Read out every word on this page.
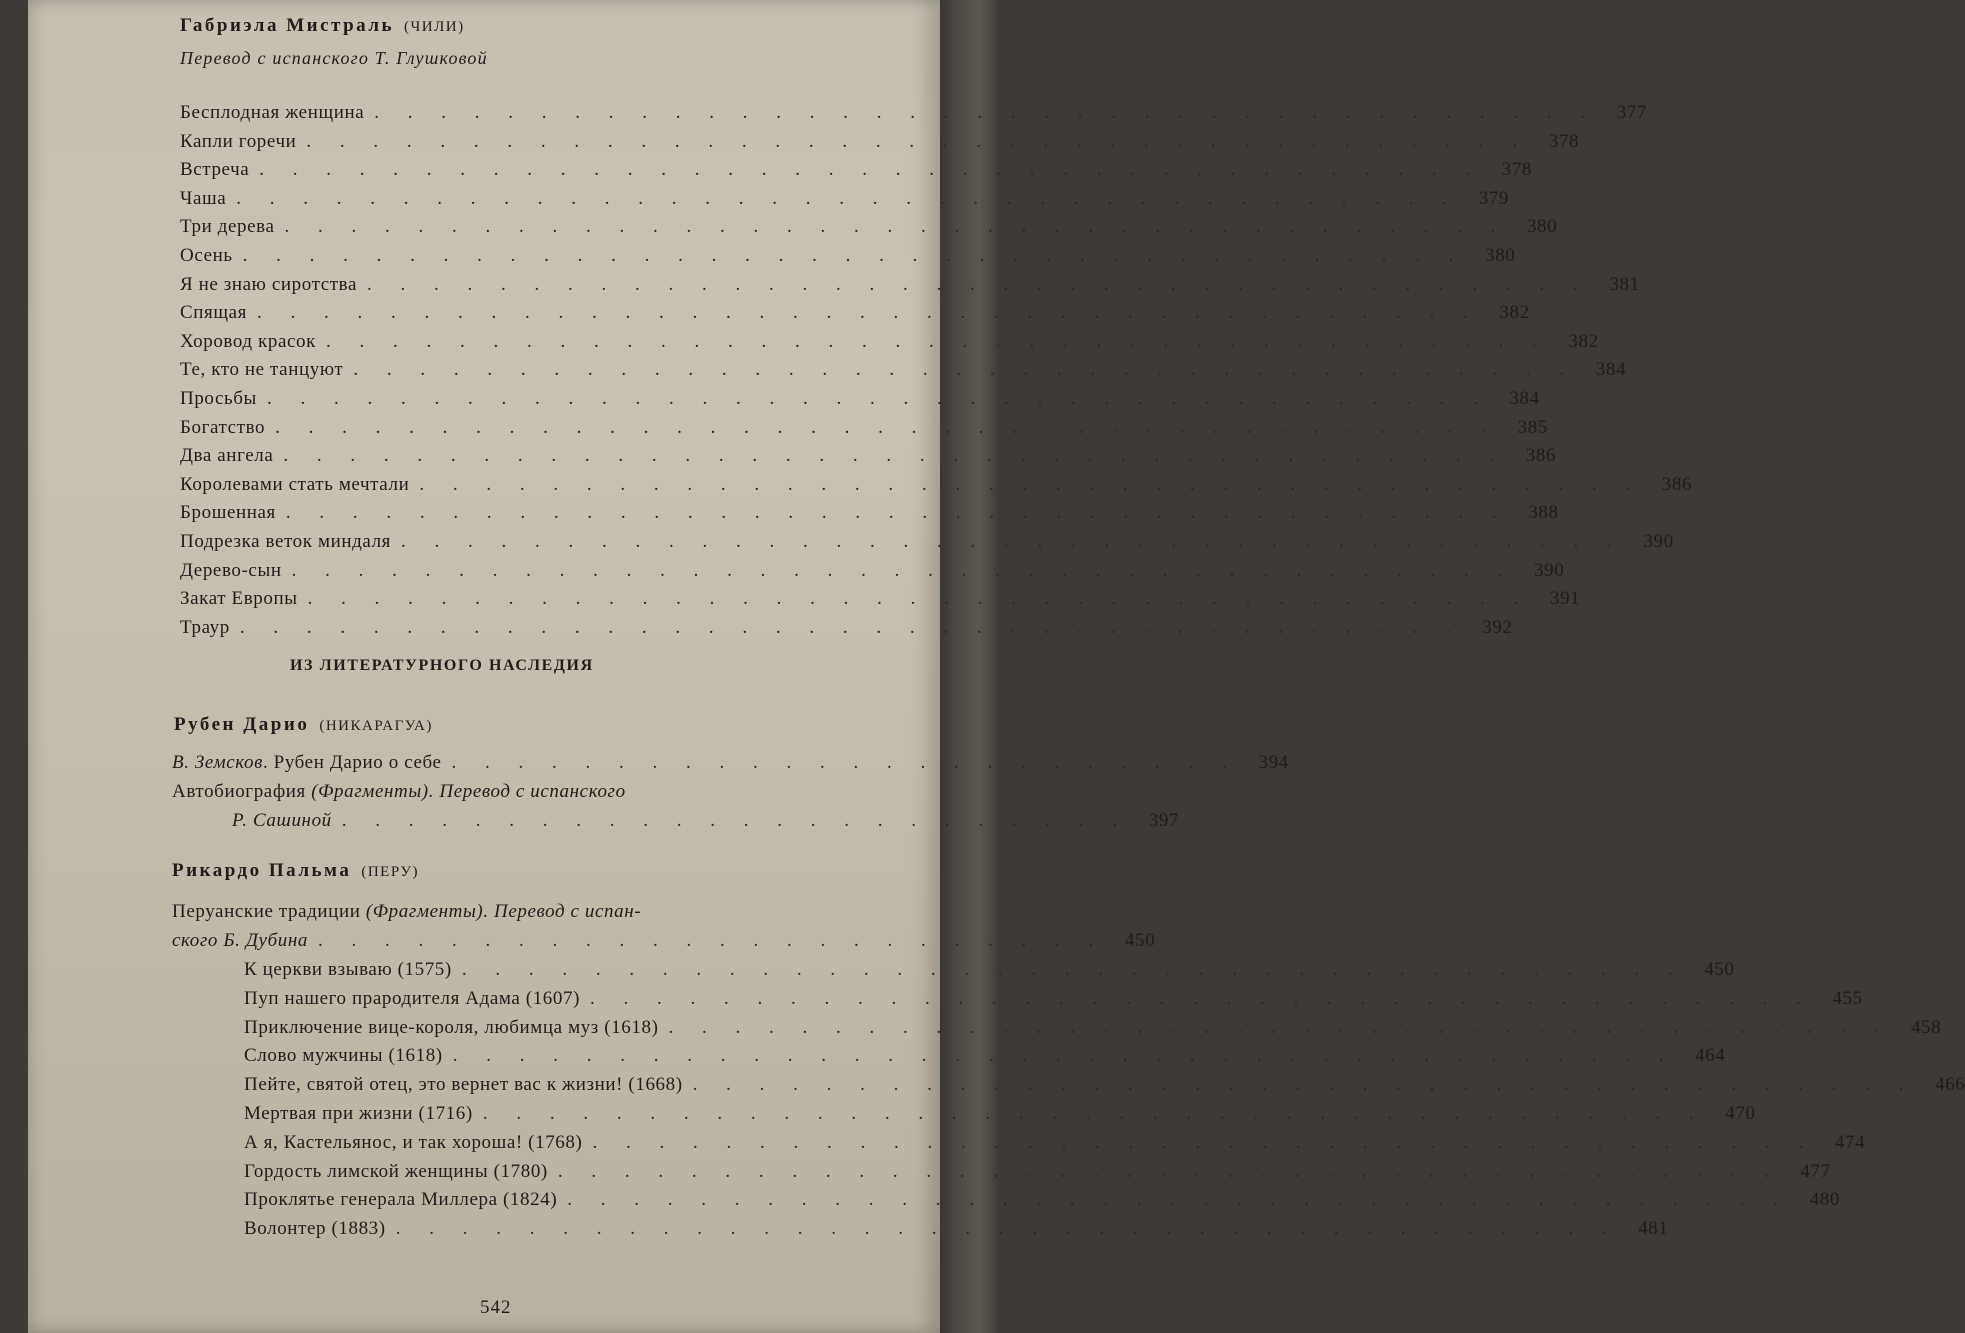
Габриэла Мистраль (ЧИЛИ)
Перевод с испанского Т. Глушковой
Бесплодная женщина . . . . . . . . . . . . . . . . . . . . . . . . . . . . . . . . . . . . .	377
Капли горечи . . . . . . . . . . . . . . . . . . . . . . . . . . . . . . . . . . . . .	378
Встреча . . . . . . . . . . . . . . . . . . . . . . . . . . . . . . . . . . . . .	378
Чаша . . . . . . . . . . . . . . . . . . . . . . . . . . . . . . . . . . . . .	379
Три дерева . . . . . . . . . . . . . . . . . . . . . . . . . . . . . . . . . . . . .	380
Осень . . . . . . . . . . . . . . . . . . . . . . . . . . . . . . . . . . . . .	380
Я не знаю сиротства . . . . . . . . . . . . . . . . . . . . . . . . . . . . . . . . . . . . .	381
Спящая . . . . . . . . . . . . . . . . . . . . . . . . . . . . . . . . . . . . .	382
Хоровод красок . . . . . . . . . . . . . . . . . . . . . . . . . . . . . . . . . . . . .	382
Те, кто не танцуют . . . . . . . . . . . . . . . . . . . . . . . . . . . . . . . . . . . . .	384
Просьбы . . . . . . . . . . . . . . . . . . . . . . . . . . . . . . . . . . . . .	384
Богатство . . . . . . . . . . . . . . . . . . . . . . . . . . . . . . . . . . . . .	385
Два ангела . . . . . . . . . . . . . . . . . . . . . . . . . . . . . . . . . . . . .	386
Королевами стать мечтали . . . . . . . . . . . . . . . . . . . . . . . . . . . . . . . . . . . . .	386
Брошенная . . . . . . . . . . . . . . . . . . . . . . . . . . . . . . . . . . . . .	388
Подрезка веток миндаля . . . . . . . . . . . . . . . . . . . . . . . . . . . . . . . . . . . . .	390
Дерево-сын . . . . . . . . . . . . . . . . . . . . . . . . . . . . . . . . . . . . .	390
Закат Европы . . . . . . . . . . . . . . . . . . . . . . . . . . . . . . . . . . . . .	391
Траур . . . . . . . . . . . . . . . . . . . . . . . . . . . . . . . . . . . . .	392
ИЗ ЛИТЕРАТУРНОГО НАСЛЕДИЯ
Рубен Дарио (НИКАРАГУА)
В. Земсков. Рубен Дарио о себе . . . . . . . . . . . . . . . . . . . . . . . .	394
Автобиография (Фрагменты). Перевод с испанского
Р. Сашиной . . . . . . . . . . . . . . . . . . . . . . . .	397
Рикардо Пальма (ПЕРУ)
Перуанские традиции (Фрагменты). Перевод с испан-
ского Б. Дубина . . . . . . . . . . . . . . . . . . . . . . . .	450
К церкви взываю (1575) . . . . . . . . . . . . . . . . . . . . . . . . . . . . . . . . . . . . .	450
Пуп нашего прародителя Адама (1607) . . . . . . . . . . . . . . . . . . . . . . . . . . . . . . . . . . . . .	455
Приключение вице-короля, любимца муз (1618) . . . . . . . . . . . . . . . . . . . . . . . . . . . . . . . . . . . . .	458
Слово мужчины (1618) . . . . . . . . . . . . . . . . . . . . . . . . . . . . . . . . . . . . .	464
Пейте, святой отец, это вернет вас к жизни! (1668) . . . . . . . . . . . . . . . . . . . . . . . . . . . . . . . . . . . . .	466
Мертвая при жизни (1716) . . . . . . . . . . . . . . . . . . . . . . . . . . . . . . . . . . . . .	470
А я, Кастельянос, и так хороша! (1768) . . . . . . . . . . . . . . . . . . . . . . . . . . . . . . . . . . . . .	474
Гордость лимской женщины (1780) . . . . . . . . . . . . . . . . . . . . . . . . . . . . . . . . . . . . .	477
Проклятье генерала Миллера (1824) . . . . . . . . . . . . . . . . . . . . . . . . . . . . . . . . . . . . .	480
Волонтер (1883) . . . . . . . . . . . . . . . . . . . . . . . . . . . . . . . . . . . . .	481
542
